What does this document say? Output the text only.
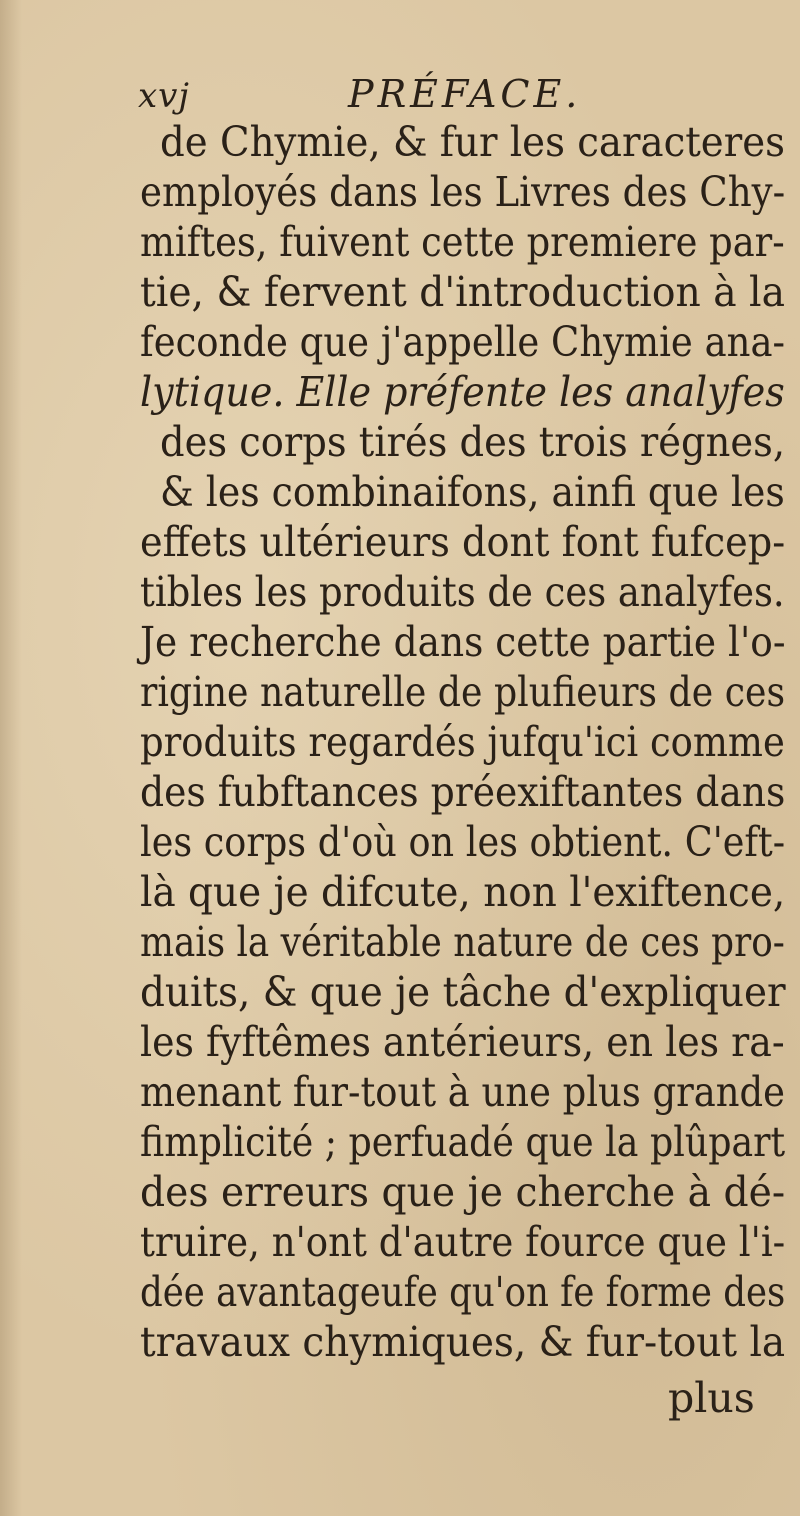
xvj	PRÉFACE.
de Chymie, & fur les caracteres
employés dans les Livres des Chy-
miftes, fuivent cette premiere par-
tie, & fervent d'introduction à la
feconde que j'appelle Chymie ana-
lytique. Elle préfente les analyfes
des corps tirés des trois régnes,
& les combinaifons, ainfi que les
effets ultérieurs dont font fufcep-
tibles les produits de ces analyfes.
Je recherche dans cette partie l'o-
rigine naturelle de plufieurs de ces
produits regardés jufqu'ici comme
des fubftances préexiftantes dans
les corps d'où on les obtient. C'eft-
là que je difcute, non l'exiftence,
mais la véritable nature de ces pro-
duits, & que je tâche d'expliquer
les fyftêmes antérieurs, en les ra-
menant fur-tout à une plus grande
fimplicité ; perfuadé que la plûpart
des erreurs que je cherche à dé-
truire, n'ont d'autre fource que l'i-
dée avantageufe qu'on fe forme des
travaux chymiques, & fur-tout la
plus
